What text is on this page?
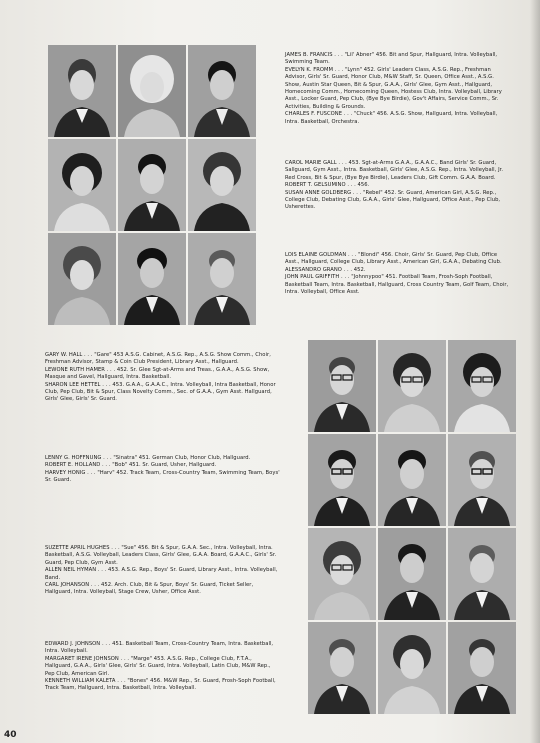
JAMES B. FRANCIS . . . "Lil' Abner" 456. Bit and Spur, Hallguard, Intra. Volleyball, Swimming Team.
EVELYN K. FROMM . . . "Lynn" 452. Girls' Leaders Class, A.S.G. Rep., Freshman Advisor, Girls' Sr. Guard, Honor Club, M&W Staff, Sr. Queen, Office Asst., A.S.G. Show, Austin Star Queen, Bit & Spur, G.A.A., Girls' Glee, Gym Asst., Hallguard, Homecoming Comm., Homecoming Queen, Hostess Club, Intra. Volleyball, Library Asst., Locker Guard, Pep Club, (Bye Bye Birdie), Gov't Affairs, Service Comm., Sr. Activities, Building & Grounds.
CHARLES F. FUSCONE . . . "Chuck" 456. A.S.G. Show, Hallguard, Intra. Volleyball, Intra. Basketball, Orchestra.
CAROL MARIE GALL . . . 453. Sgt-at-Arms G.A.A., G.A.A.C., Band Girls' Sr. Guard, Sallguard, Gym Asst., Intra. Basketball, Girls' Glee, A.S.G. Rep., Intra. Volleyball, Jr. Red Cross, Bit & Spur, (Bye Bye Birdie), Leaders Club, Gift Comm. G.A.A. Board.
ROBERT T. GELSUMINO . . . 456.
SUSAN ANNE GOLDBERG . . . "Rebel" 452. Sr. Guard, American Girl, A.S.G. Rep., College Club, Debating Club, G.A.A., Girls' Glee, Hallguard, Office Asst., Pep Club, Usherettes.
LOIS ELAINE GOLDMAN . . . "Blondi" 456. Choir, Girls' Sr. Guard, Pep Club, Office Asst., Hallguard, College Club, Library Asst., American Girl, G.A.A., Debating Club.
ALESSANDRO GRANO . . . 452.
JOHN PAUL GRIFFITH . . . "Johnnypoo" 451. Football Team, Frosh-Soph Football, Basketball Team, Intra. Basketball, Hallguard, Cross Country Team, Golf Team, Choir, Intra. Volleyball, Office Asst.
GARY W. HALL . . . "Gare" 453 A.S.G. Cabinet, A.S.G. Rep., A.S.G. Show Comm., Choir, Freshman Advisor, Stamp & Coin Club President, Library Asst., Hallguard.
LEWONE RUTH HAMER . . . 452. Sr. Glee Sgt-at-Arms and Treas., G.A.A., A.S.G. Show, Masque and Gavel, Hallguard, Intra. Basketball.
SHARON LEE HETTEL . . . 453. G.A.A., G.A.A.C., Intra. Volleyball, Intra Basketball, Honor Club, Pep Club, Bit & Spur, Class Novelty Comm., Sec. of G.A.A., Gym Asst. Hallguard, Girls' Glee, Girls' Sr. Guard.
LENNY G. HOFFNUNG . . . "Sinatra" 451. German Club, Honor Club, Hallguard.
ROBERT E. HOLLAND . . . "Bob" 451. Sr. Guard, Usher, Hallguard.
HARVEY HONIG . . . "Harv" 452. Track Team, Cross-Country Team, Swimming Team, Boys' Sr. Guard.
SUZETTE APRIL HUGHES . . . "Sue" 456. Bit & Spur, G.A.A. Sec., Intra. Volleyball, Intra. Basketball, A.S.G. Volleyball, Leaders Class, Girls' Glee, G.A.A. Board, G.A.A.C., Girls' Sr. Guard, Pep Club, Gym Asst.
ALLEN NEIL HYMAN . . . 453. A.S.G. Rep., Boys' Sr. Guard, Library Asst., Intra. Volleyball, Band.
CARL JOHANSON . . . 452. Arch. Club, Bit & Spur, Boys' Sr. Guard, Ticket Seller, Hallguard, Intra. Volleyball, Stage Crew, Usher, Office Asst.
EDWARD J. JOHNSON . . . 451. Basketball Team, Cross-Country Team, Intra. Basketball, Intra. Volleyball.
MARGARET IRENE JOHNSON . . . "Marge" 453. A.S.G. Rep., College Club, F.T.A., Hallguard, G.A.A., Girls' Glee, Girls' Sr. Guard, Intra. Volleyball, Latin Club, M&W Rep., Pep Club, American Girl.
KENNETH WILLIAM KALETA . . . "Bones" 456. M&W Rep., Sr. Guard, Frosh-Soph Football, Track Team, Hallguard, Intra. Basketball, Intra. Volleyball.
40
